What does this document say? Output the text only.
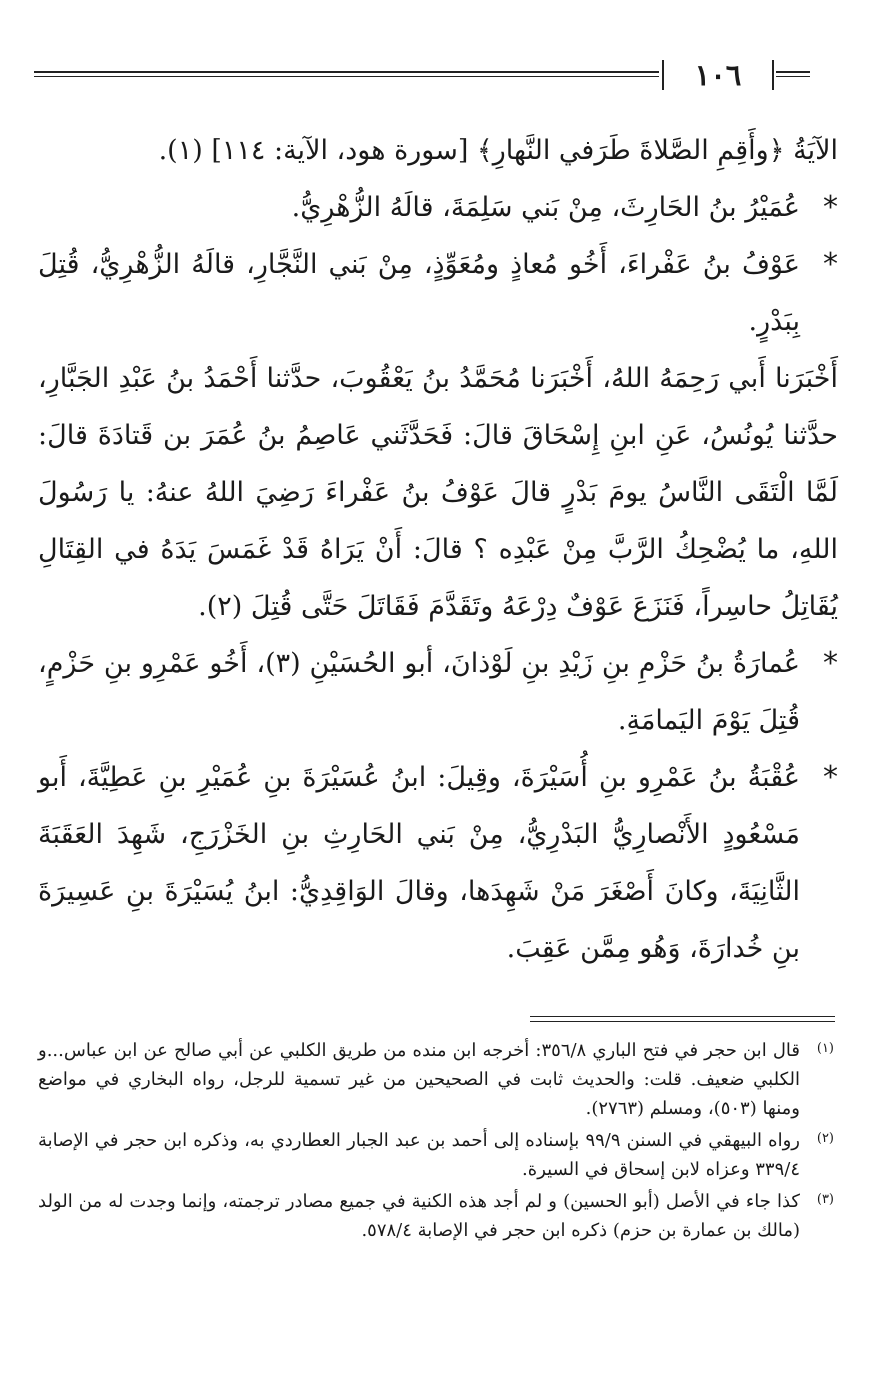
١٠٦

الآيَةُ ﴿وأَقِمِ الصَّلاةَ طَرَفي النَّهارِ﴾ [سورة هود، الآية: ١١٤] (١).

*

عُمَيْرُ بنُ الحَارِثَ، مِنْ بَني سَلِمَةَ، قالَهُ الزُّهْرِيُّ.

*

عَوْفُ بنُ عَفْراءَ، أَخُو مُعاذٍ ومُعَوِّذٍ، مِنْ بَني النَّجَّارِ، قالَهُ الزُّهْرِيُّ، قُتِلَ بِبَدْرٍ.

أَخْبَرَنا أَبي رَحِمَهُ اللهُ، أَخْبَرَنا مُحَمَّدُ بنُ يَعْقُوبَ، حدَّثنا أَحْمَدُ بنُ عَبْدِ الجَبَّارِ، حدَّثنا يُونُسُ، عَنِ ابنِ إِسْحَاقَ قالَ: فَحَدَّثَني عَاصِمُ بنُ عُمَرَ بن قَتادَةَ قالَ: لَمَّا الْتَقَى النَّاسُ يومَ بَدْرٍ قالَ عَوْفُ بنُ عَفْراءَ رَضِيَ اللهُ عنهُ: يا رَسُولَ اللهِ، ما يُضْحِكُ الرَّبَّ مِنْ عَبْدِه ؟ قالَ: أَنْ يَرَاهُ قَدْ غَمَسَ يَدَهُ في القِتَالِ يُقَاتِلُ حاسِراً، فَنَزَعَ عَوْفٌ دِرْعَهُ وتَقَدَّمَ فَقَاتَلَ حَتَّى قُتِلَ (٢).

*

عُمارَةُ بنُ حَزْمِ بنِ زَيْدِ بنِ لَوْذانَ، أبو الحُسَيْنِ (٣)، أَخُو عَمْرِو بنِ حَزْمٍ، قُتِلَ يَوْمَ اليَمامَةِ.

*

عُقْبَةُ بنُ عَمْرِو بنِ أُسَيْرَةَ، وقِيلَ: ابنُ عُسَيْرَةَ بنِ عُمَيْرِ بنِ عَطِيَّةَ، أَبو مَسْعُودٍ الأَنْصارِيُّ البَدْرِيُّ، مِنْ بَني الحَارِثِ بنِ الخَزْرَجِ، شَهِدَ العَقَبَةَ الثَّانِيَةَ، وكانَ أَصْغَرَ مَنْ شَهِدَها، وقالَ الوَاقِدِيُّ: ابنُ يُسَيْرَةَ بنِ عَسِيرَةَ بنِ خُدارَةَ، وَهُو مِمَّن عَقِبَ.

(١)

قال ابن حجر في فتح الباري ٣٥٦/٨: أخرجه ابن منده من طريق الكلبي عن أبي صالح عن ابن عباس...و الكلبي ضعيف. قلت: والحديث ثابت في الصحيحين من غير تسمية للرجل، رواه البخاري في مواضع ومنها (٥٠٣)، ومسلم (٢٧٦٣).

(٢)

رواه البيهقي في السنن ٩٩/٩ بإسناده إلى أحمد بن عبد الجبار العطاردي به، وذكره ابن حجر في الإصابة ٣٣٩/٤ وعزاه لابن إسحاق في السيرة.

(٣)

كذا جاء في الأصل (أبو الحسين) و لم أجد هذه الكنية في جميع مصادر ترجمته، وإنما وجدت له من الولد (مالك بن عمارة بن حزم) ذكره ابن حجر في الإصابة ٥٧٨/٤.
